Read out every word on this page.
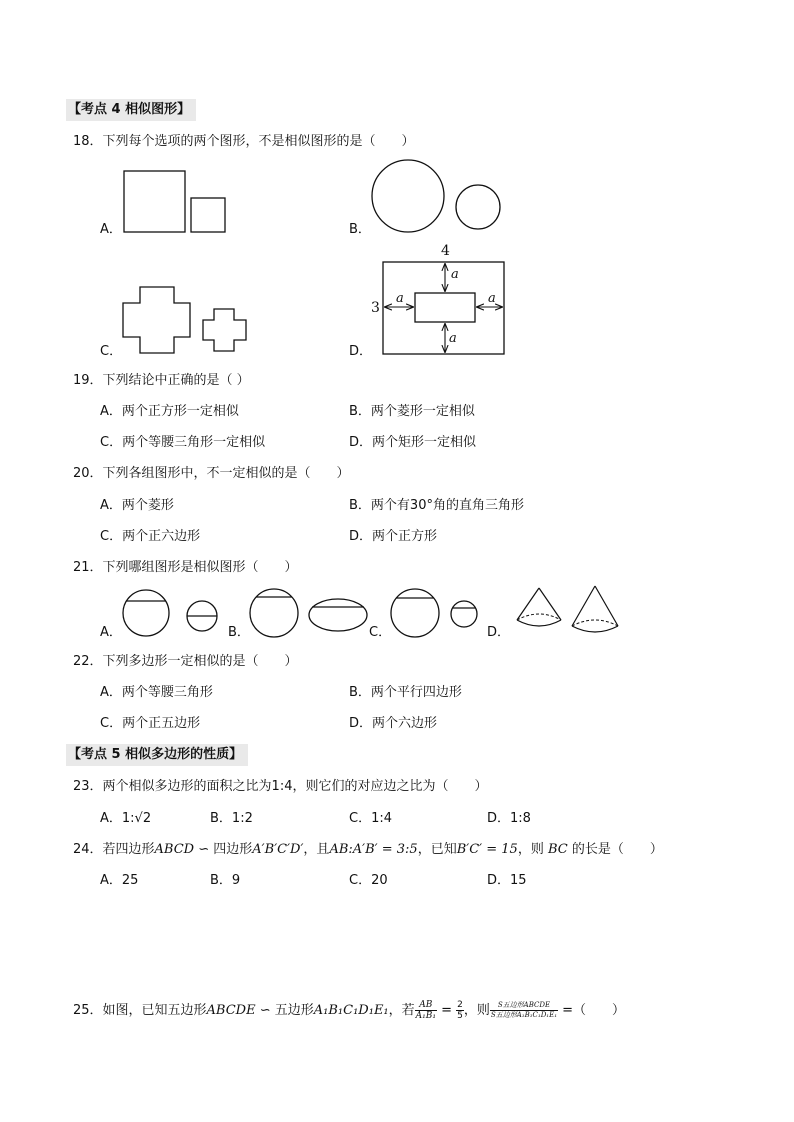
【考点 4 相似图形】
18．下列每个选项的两个图形，不是相似图形的是（　　）
A．	B．
C．	D．
4
3
a
a	a
a
19．下列结论中正确的是（ ）
A．两个正方形一定相似	B．两个菱形一定相似
C．两个等腰三角形一定相似	D．两个矩形一定相似
20．下列各组图形中，不一定相似的是（　　）
A．两个菱形	B．两个有30°角的直角三角形
C．两个正六边形	D．两个正方形
21．下列哪组图形是相似图形（　　）
A．	B．	C．	D．
22．下列多边形一定相似的是（　　）
A．两个等腰三角形	B．两个平行四边形
C．两个正五边形	D．两个六边形
【考点 5 相似多边形的性质】
23．两个相似多边形的面积之比为1:4，则它们的对应边之比为（　　）
A．1:√2	B．1:2	C．1:4	D．1:8
24．若四边形ABCD ∽ 四边形A′B′C′D′，且AB:A′B′ = 3:5，已知B′C′ = 15，则 BC 的长是（　　）
A．25	B．9	C．20	D．15
25．如图，已知五边形ABCDE ∽ 五边形A₁B₁C₁D₁E₁，若 $\frac{AB}{\text{A₁B₁}} = \frac{2}{5}$ ，则 $\frac{\text{S五边形ABCDE}}{\text{S五边形A₁B₁C₁D₁E₁}}$ =（　　）
